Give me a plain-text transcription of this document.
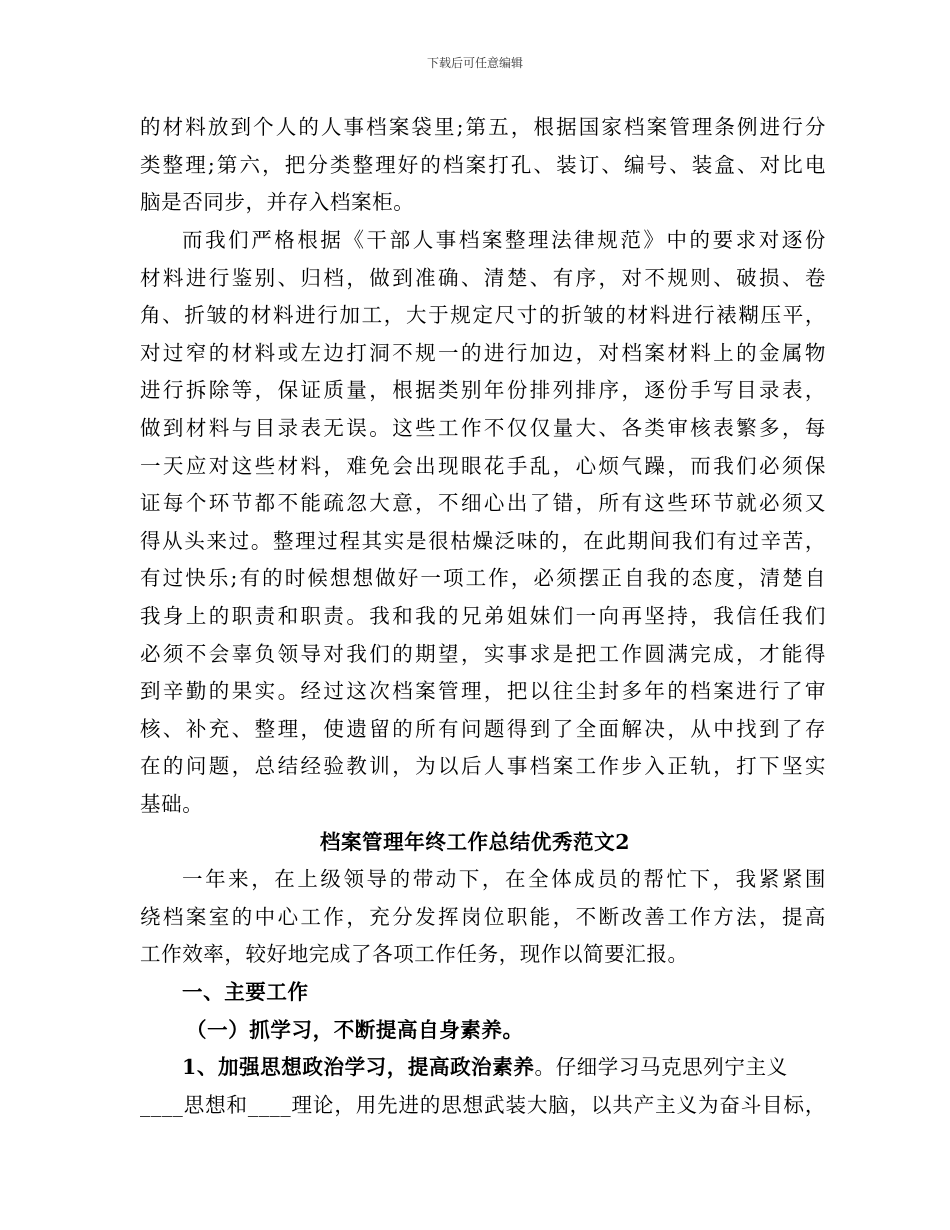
下载后可任意编辑
的材料放到个人的人事档案袋里;第五，根据国家档案管理条例进行分
类整理;第六，把分类整理好的档案打孔、装订、编号、装盒、对比电
脑是否同步，并存入档案柜。
而我们严格根据《干部人事档案整理法律规范》中的要求对逐份
材料进行鉴别、归档，做到准确、清楚、有序，对不规则、破损、卷
角、折皱的材料进行加工，大于规定尺寸的折皱的材料进行裱糊压平，
对过窄的材料或左边打洞不规一的进行加边，对档案材料上的金属物
进行拆除等，保证质量，根据类别年份排列排序，逐份手写目录表，
做到材料与目录表无误。这些工作不仅仅量大、各类审核表繁多，每
一天应对这些材料，难免会出现眼花手乱，心烦气躁，而我们必须保
证每个环节都不能疏忽大意，不细心出了错，所有这些环节就必须又
得从头来过。整理过程其实是很枯燥泛味的，在此期间我们有过辛苦，
有过快乐;有的时候想想做好一项工作，必须摆正自我的态度，清楚自
我身上的职责和职责。我和我的兄弟姐妹们一向再坚持，我信任我们
必须不会辜负领导对我们的期望，实事求是把工作圆满完成，才能得
到辛勤的果实。经过这次档案管理，把以往尘封多年的档案进行了审
核、补充、整理，使遗留的所有问题得到了全面解决，从中找到了存
在的问题，总结经验教训，为以后人事档案工作步入正轨，打下坚实
基础。
档案管理年终工作总结优秀范文2
一年来，在上级领导的带动下，在全体成员的帮忙下，我紧紧围
绕档案室的中心工作，充分发挥岗位职能，不断改善工作方法，提高
工作效率，较好地完成了各项工作任务，现作以简要汇报。
一、主要工作
（一）抓学习，不断提高自身素养。
1、加强思想政治学习，提高政治素养。仔细学习马克思列宁主义
____思想和____理论，用先进的思想武装大脑，以共产主义为奋斗目标，
